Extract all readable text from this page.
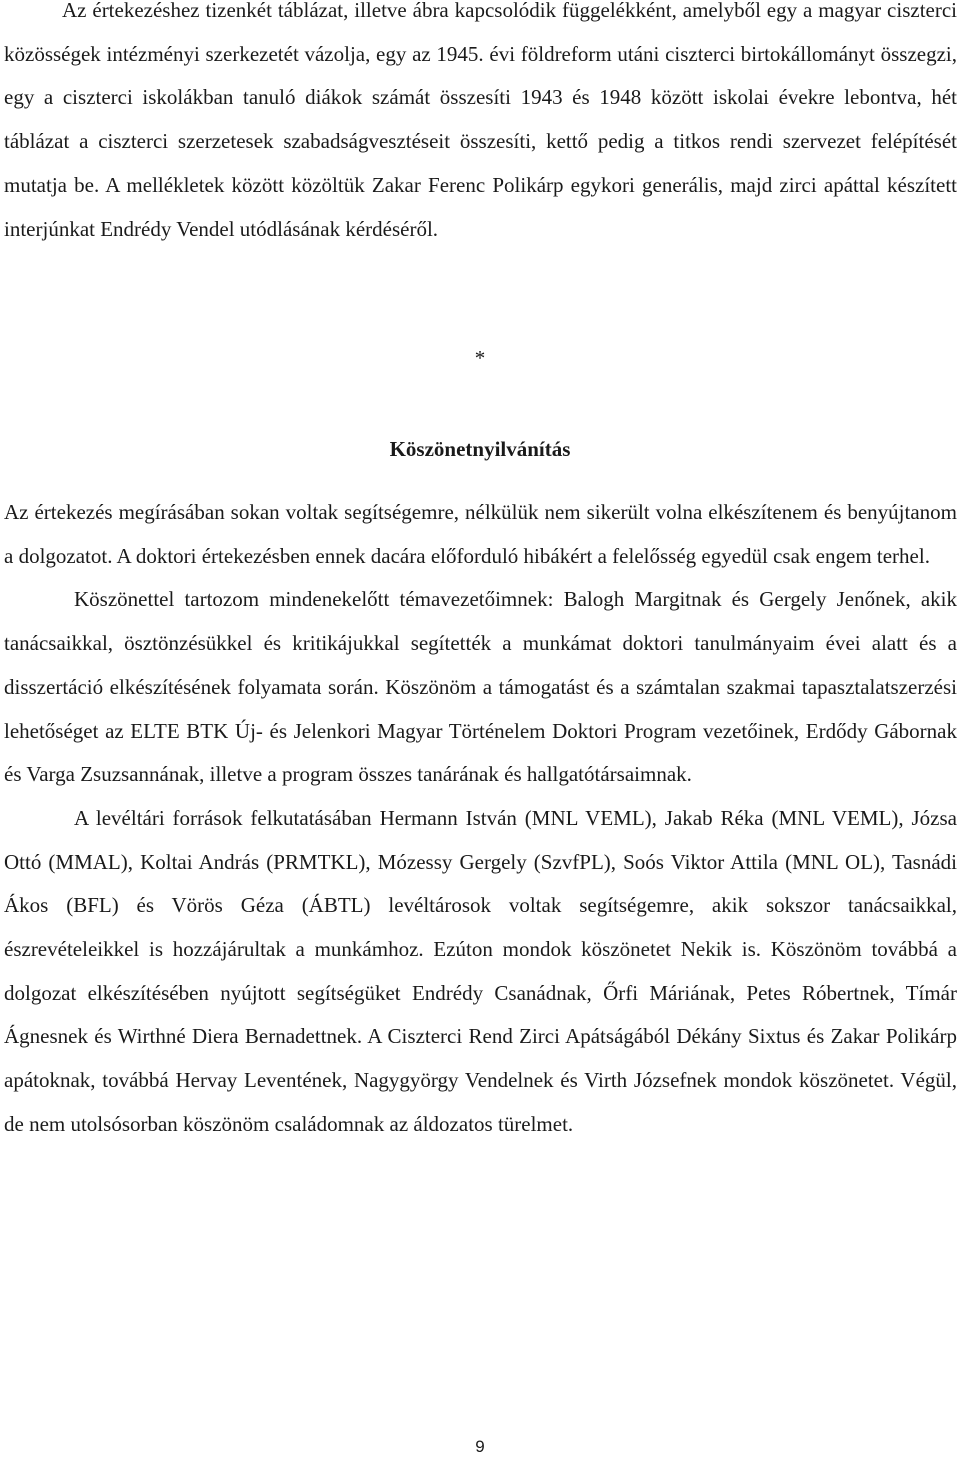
Az értekezéshez tizenkét táblázat, illetve ábra kapcsolódik függelékként, amelyből egy a magyar ciszterci közösségek intézményi szerkezetét vázolja, egy az 1945. évi földreform utáni ciszterci birtokállományt összegzi, egy a ciszterci iskolákban tanuló diákok számát összesíti 1943 és 1948 között iskolai évekre lebontva, hét táblázat a ciszterci szerzetesek szabadságvesztéseit összesíti, kettő pedig a titkos rendi szervezet felépítését mutatja be. A mellékletek között közöltük Zakar Ferenc Polikárp egykori generális, majd zirci apáttal készített interjúnkat Endrédy Vendel utódlásának kérdéséről.

*
Köszönetnyilvánítás

Az értekezés megírásában sokan voltak segítségemre, nélkülük nem sikerült volna elkészítenem és benyújtanom a dolgozatot. A doktori értekezésben ennek dacára előforduló hibákért a felelősség egyedül csak engem terhel.

Köszönettel tartozom mindenekelőtt témavezetőimnek: Balogh Margitnak és Gergely Jenőnek, akik tanácsaikkal, ösztönzésükkel és kritikájukkal segítették a munkámat doktori tanulmányaim évei alatt és a disszertáció elkészítésének folyamata során. Köszönöm a támogatást és a számtalan szakmai tapasztalatszerzési lehetőséget az ELTE BTK Új- és Jelenkori Magyar Történelem Doktori Program vezetőinek, Erdődy Gábornak és Varga Zsuzsannának, illetve a program összes tanárának és hallgatótársaimnak.

A levéltári források felkutatásában Hermann István (MNL VEML), Jakab Réka (MNL VEML), Józsa Ottó (MMAL), Koltai András (PRMTKL), Mózessy Gergely (SzvfPL), Soós Viktor Attila (MNL OL), Tasnádi Ákos (BFL) és Vörös Géza (ÁBTL) levéltárosok voltak segítségemre, akik sokszor tanácsaikkal, észrevételeikkel is hozzájárultak a munkámhoz. Ezúton mondok köszönetet Nekik is. Köszönöm továbbá a dolgozat elkészítésében nyújtott segítségüket Endrédy Csanádnak, Őrfi Máriának, Petes Róbertnek, Tímár Ágnesnek és Wirthné Diera Bernadettnek. A Ciszterci Rend Zirci Apátságából Dékány Sixtus és Zakar Polikárp apátoknak, továbbá Hervay Leventének, Nagygyörgy Vendelnek és Virth Józsefnek mondok köszönetet. Végül, de nem utolsósorban köszönöm családomnak az áldozatos türelmet.

9
